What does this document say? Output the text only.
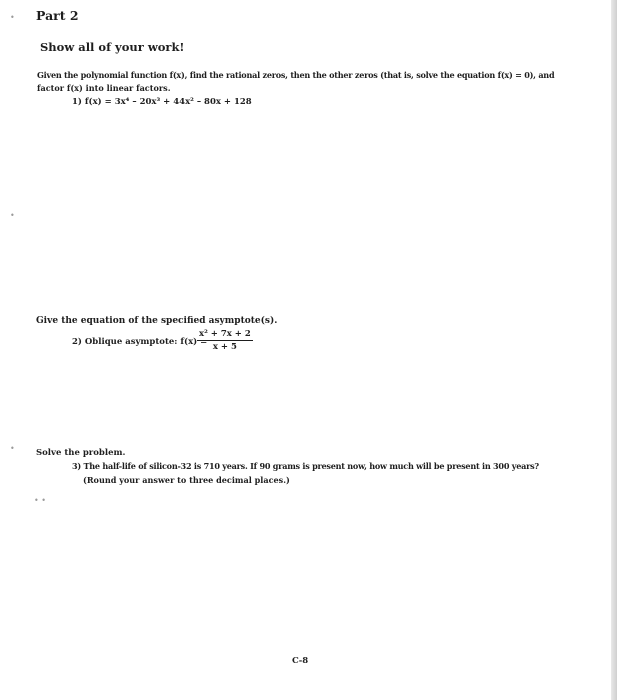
•
•
•
• •
Part 2
Show all of your work!
Given the polynomial function f(x), find the rational zeros, then the other zeros (that is, solve the equation f(x) = 0), and
factor f(x) into linear factors.
1) f(x) = 3x⁴ – 20x³ + 44x² – 80x + 128
Give the equation of the specified asymptote(s).
2) Oblique asymptote: f(x) =
$\frac{\text{x² + 7x + 2}}{x + 5}$
Solve the problem.
3) The half-life of silicon-32 is 710 years. If 90 grams is present now, how much will be present in 300 years?
(Round your answer to three decimal places.)
C-8
